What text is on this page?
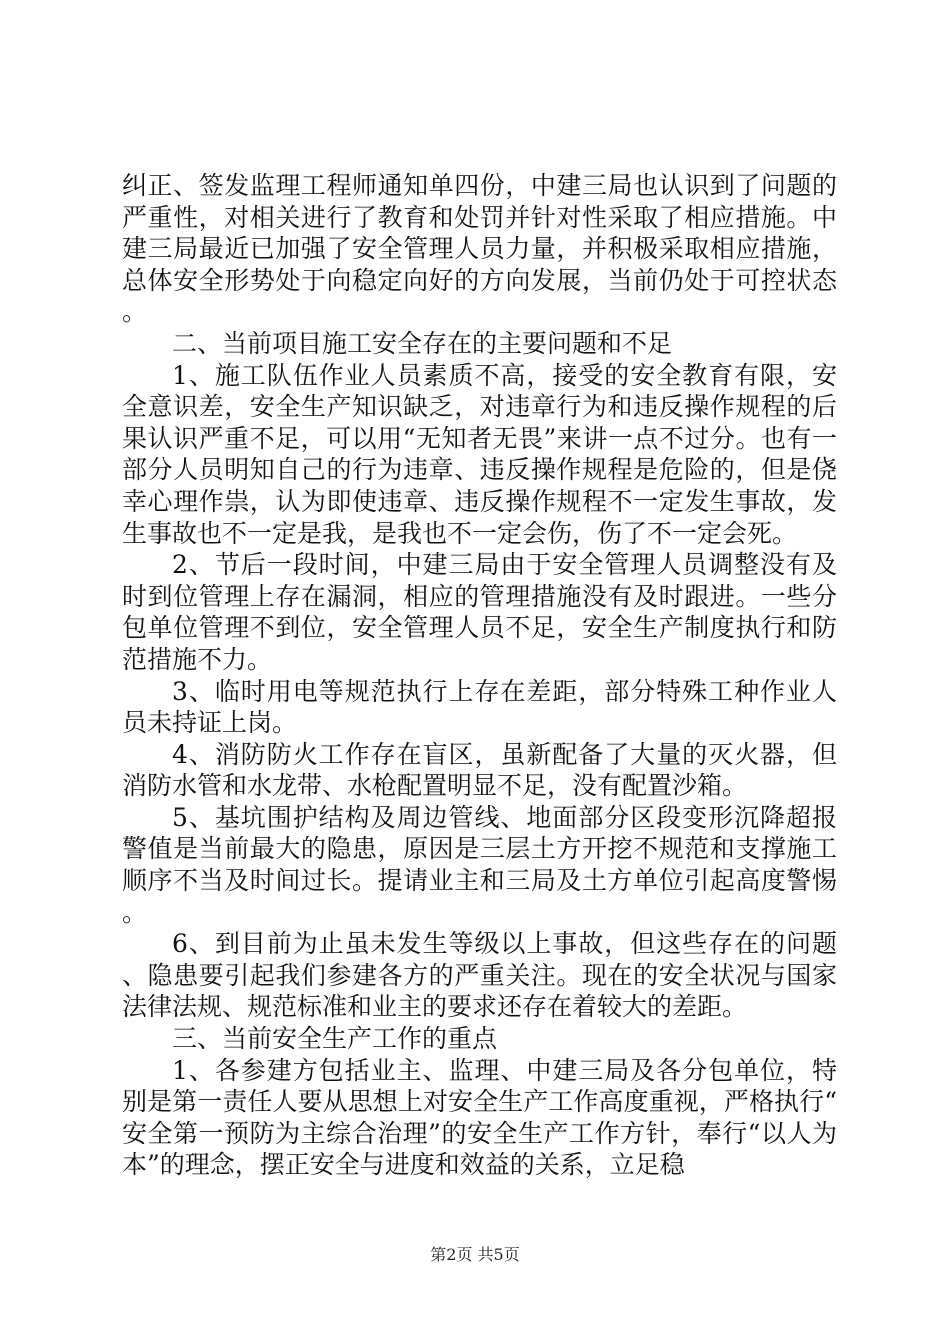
纠正、签发监理工程师通知单四份，中建三局也认识到了问题的严重性，对相关进行了教育和处罚并针对性采取了相应措施。中建三局最近已加强了安全管理人员力量，并积极采取相应措施，总体安全形势处于向稳定向好的方向发展，当前仍处于可控状态。

二、当前项目施工安全存在的主要问题和不足

1、施工队伍作业人员素质不高，接受的安全教育有限，安全意识差，安全生产知识缺乏，对违章行为和违反操作规程的后果认识严重不足，可以用“无知者无畏”来讲一点不过分。也有一部分人员明知自己的行为违章、违反操作规程是危险的，但是侥幸心理作祟，认为即使违章、违反操作规程不一定发生事故，发生事故也不一定是我，是我也不一定会伤，伤了不一定会死。

2、节后一段时间，中建三局由于安全管理人员调整没有及时到位管理上存在漏洞，相应的管理措施没有及时跟进。一些分包单位管理不到位，安全管理人员不足，安全生产制度执行和防范措施不力。

3、临时用电等规范执行上存在差距，部分特殊工种作业人员未持证上岗。

4、消防防火工作存在盲区，虽新配备了大量的灭火器，但消防水管和水龙带、水枪配置明显不足，没有配置沙箱。

5、基坑围护结构及周边管线、地面部分区段变形沉降超报警值是当前最大的隐患，原因是三层土方开挖不规范和支撑施工顺序不当及时间过长。提请业主和三局及土方单位引起高度警惕。

6、到目前为止虽未发生等级以上事故，但这些存在的问题、隐患要引起我们参建各方的严重关注。现在的安全状况与国家法律法规、规范标准和业主的要求还存在着较大的差距。

三、当前安全生产工作的重点

1、各参建方包括业主、监理、中建三局及各分包单位，特别是第一责任人要从思想上对安全生产工作高度重视，严格执行“安全第一预防为主综合治理”的安全生产工作方针，奉行“以人为本”的理念，摆正安全与进度和效益的关系，立足稳

第2页 共5页
